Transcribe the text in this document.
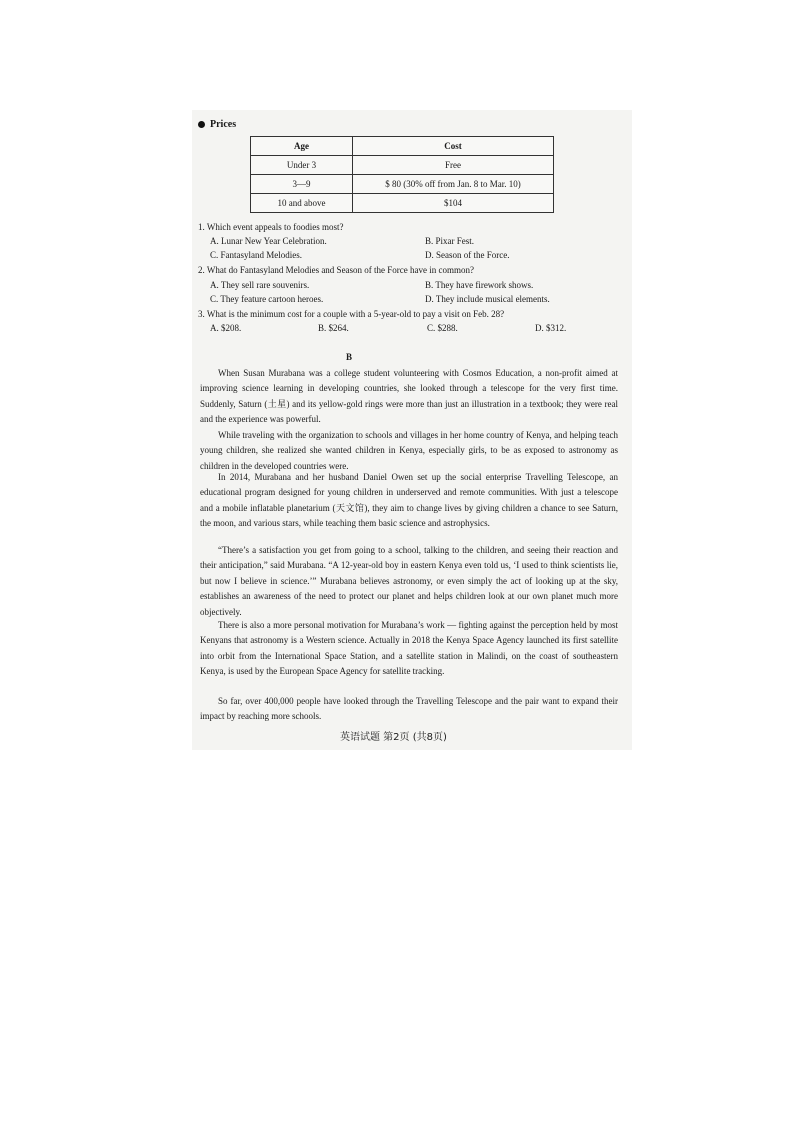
Prices
Age	Cost
Under 3	Free
3—9	$ 80 (30% off from Jan. 8 to Mar. 10)
10 and above	$104
1. Which event appeals to foodies most?
A. Lunar New Year Celebration.	B. Pixar Fest.
C. Fantasyland Melodies.	D. Season of the Force.
2. What do Fantasyland Melodies and Season of the Force have in common?
A. They sell rare souvenirs.	B. They have firework shows.
C. They feature cartoon heroes.	D. They include musical elements.
3. What is the minimum cost for a couple with a 5-year-old to pay a visit on Feb. 28?
A. $208.	B. $264.	C. $288.	D. $312.
B
When Susan Murabana was a college student volunteering with Cosmos Education, a non-profit aimed at improving science learning in developing countries, she looked through a telescope for the very first time. Suddenly, Saturn (土星) and its yellow-gold rings were more than just an illustration in a textbook; they were real and the experience was powerful.
While traveling with the organization to schools and villages in her home country of Kenya, and helping teach young children, she realized she wanted children in Kenya, especially girls, to be as exposed to astronomy as children in the developed countries were.
In 2014, Murabana and her husband Daniel Owen set up the social enterprise Travelling Telescope, an educational program designed for young children in underserved and remote communities. With just a telescope and a mobile inflatable planetarium (天文馆), they aim to change lives by giving children a chance to see Saturn, the moon, and various stars, while teaching them basic science and astrophysics.
“There’s a satisfaction you get from going to a school, talking to the children, and seeing their reaction and their anticipation,” said Murabana. “A 12-year-old boy in eastern Kenya even told us, ‘I used to think scientists lie, but now I believe in science.’” Murabana believes astronomy, or even simply the act of looking up at the sky, establishes an awareness of the need to protect our planet and helps children look at our own planet much more objectively.
There is also a more personal motivation for Murabana’s work — fighting against the perception held by most Kenyans that astronomy is a Western science. Actually in 2018 the Kenya Space Agency launched its first satellite into orbit from the International Space Station, and a satellite station in Malindi, on the coast of southeastern Kenya, is used by the European Space Agency for satellite tracking.
So far, over 400,000 people have looked through the Travelling Telescope and the pair want to expand their impact by reaching more schools.
英语试题 第2页 (共8页)
